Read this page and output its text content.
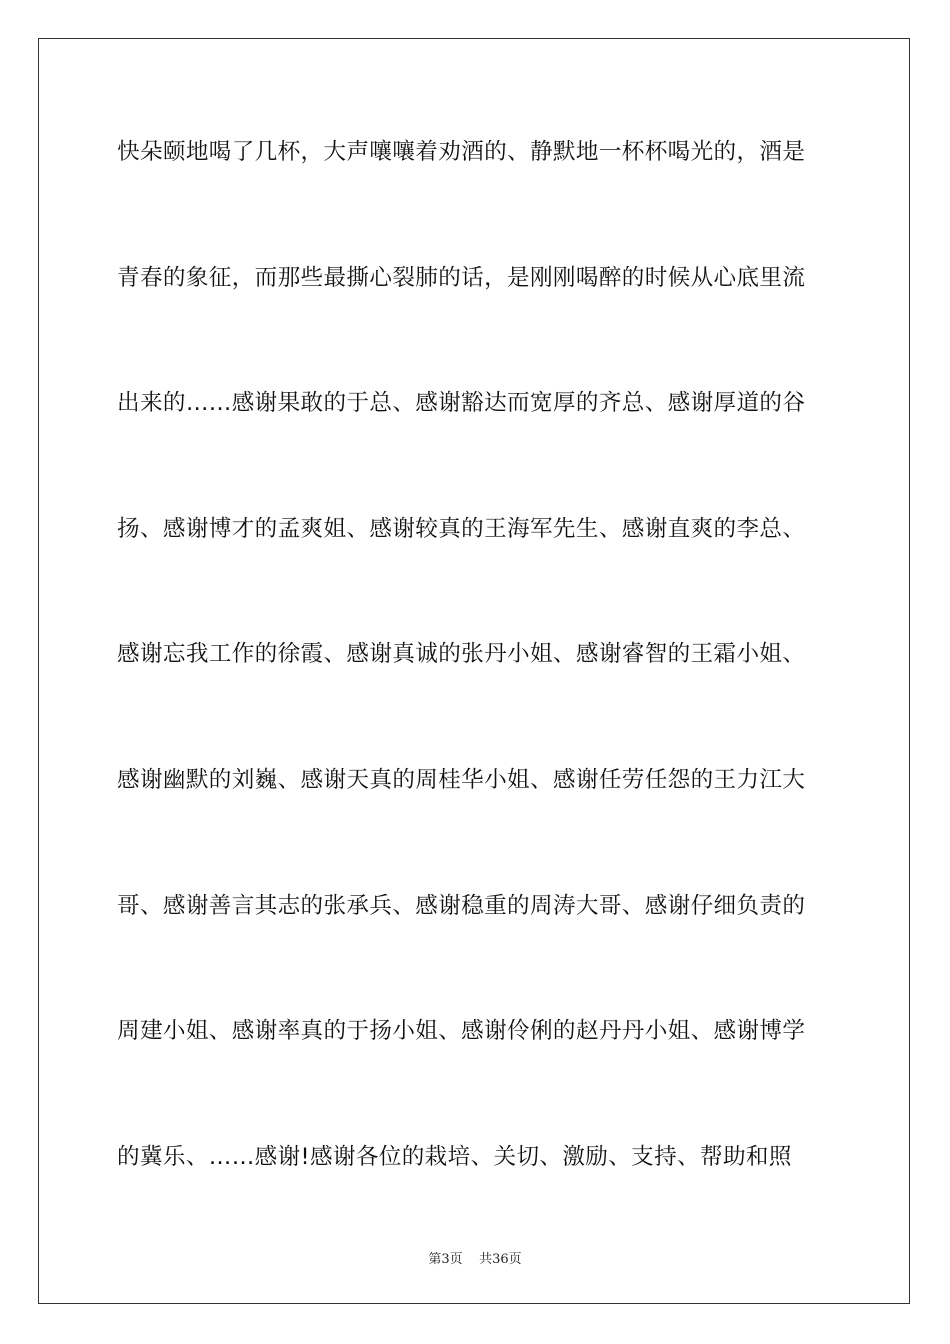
快朵颐地喝了几杯，大声嚷嚷着劝酒的、静默地一杯杯喝光的，酒是
青春的象征，而那些最撕心裂肺的话，是刚刚喝醉的时候从心底里流
出来的……感谢果敢的于总、感谢豁达而宽厚的齐总、感谢厚道的谷
扬、感谢博才的孟爽姐、感谢较真的王海军先生、感谢直爽的李总、
感谢忘我工作的徐霞、感谢真诚的张丹小姐、感谢睿智的王霜小姐、
感谢幽默的刘巍、感谢天真的周桂华小姐、感谢任劳任怨的王力江大
哥、感谢善言其志的张承兵、感谢稳重的周涛大哥、感谢仔细负责的
周建小姐、感谢率真的于扬小姐、感谢伶俐的赵丹丹小姐、感谢博学
的冀乐、……感谢!感谢各位的栽培、关切、激励、支持、帮助和照
第3页 共36页
